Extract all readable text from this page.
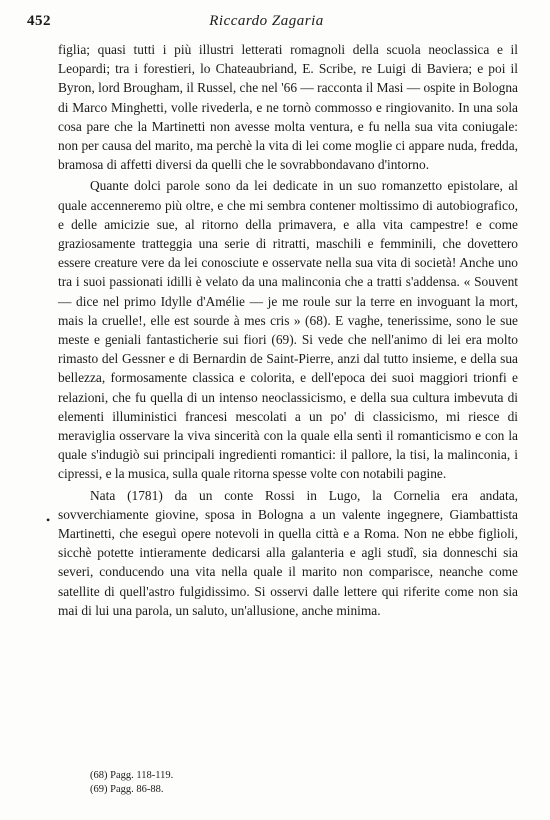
452	Riccardo Zagaria
•

figlia; quasi tutti i più illustri letterati romagnoli della scuola neoclassica e il Leopardi; tra i forestieri, lo Chateaubriand, E. Scribe, re Luigi di Baviera; e poi il Byron, lord Brougham, il Russel, che nel '66 — racconta il Masi — ospite in Bologna di Marco Minghetti, volle rivederla, e ne tornò commosso e ringiovanito. In una sola cosa pare che la Martinetti non avesse molta ventura, e fu nella sua vita coniugale: non per causa del marito, ma perchè la vita di lei come moglie ci appare nuda, fredda, bramosa di affetti diversi da quelli che le sovrabbondavano d'intorno.

Quante dolci parole sono da lei dedicate in un suo romanzetto epistolare, al quale accenneremo più oltre, e che mi sembra contener moltissimo di autobiografico, e delle amicizie sue, al ritorno della primavera, e alla vita campestre! e come graziosamente tratteggia una serie di ritratti, maschili e femminili, che dovettero essere creature vere da lei conosciute e osservate nella sua vita di società! Anche uno tra i suoi passionati idilli è velato da una malinconia che a tratti s'addensa. « Souvent — dice nel primo Idylle d'Amélie — je me roule sur la terre en invoguant la mort, mais la cruelle!, elle est sourde à mes cris » (68). E vaghe, tenerissime, sono le sue meste e geniali fantasticherie sui fiori (69). Si vede che nell'animo di lei era molto rimasto del Gessner e di Bernardin de Saint-Pierre, anzi dal tutto insieme, e della sua bellezza, formosamente classica e colorita, e dell'epoca dei suoi maggiori trionfi e relazioni, che fu quella di un intenso neoclassicismo, e della sua cultura imbevuta di elementi illuministici francesi mescolati a un po' di classicismo, mi riesce di meraviglia osservare la viva sincerità con la quale ella sentì il romanticismo e con la quale s'indugiò sui principali ingredienti romantici: il pallore, la tisi, la malinconia, i cipressi, e la musica, sulla quale ritorna spesse volte con notabili pagine.

Nata (1781) da un conte Rossi in Lugo, la Cornelia era andata, sovverchiamente giovine, sposa in Bologna a un valente ingegnere, Giambattista Martinetti, che eseguì opere notevoli in quella città e a Roma. Non ne ebbe figlioli, sicchè potette intieramente dedicarsi alla galanteria e agli studî, sia donneschi sia severi, conducendo una vita nella quale il marito non comparisce, neanche come satellite di quell'astro fulgidissimo. Si osservi dalle lettere qui riferite come non sia mai di lui una parola, un saluto, un'allusione, anche minima.

(68) Pagg. 118-119.
(69) Pagg. 86-88.
